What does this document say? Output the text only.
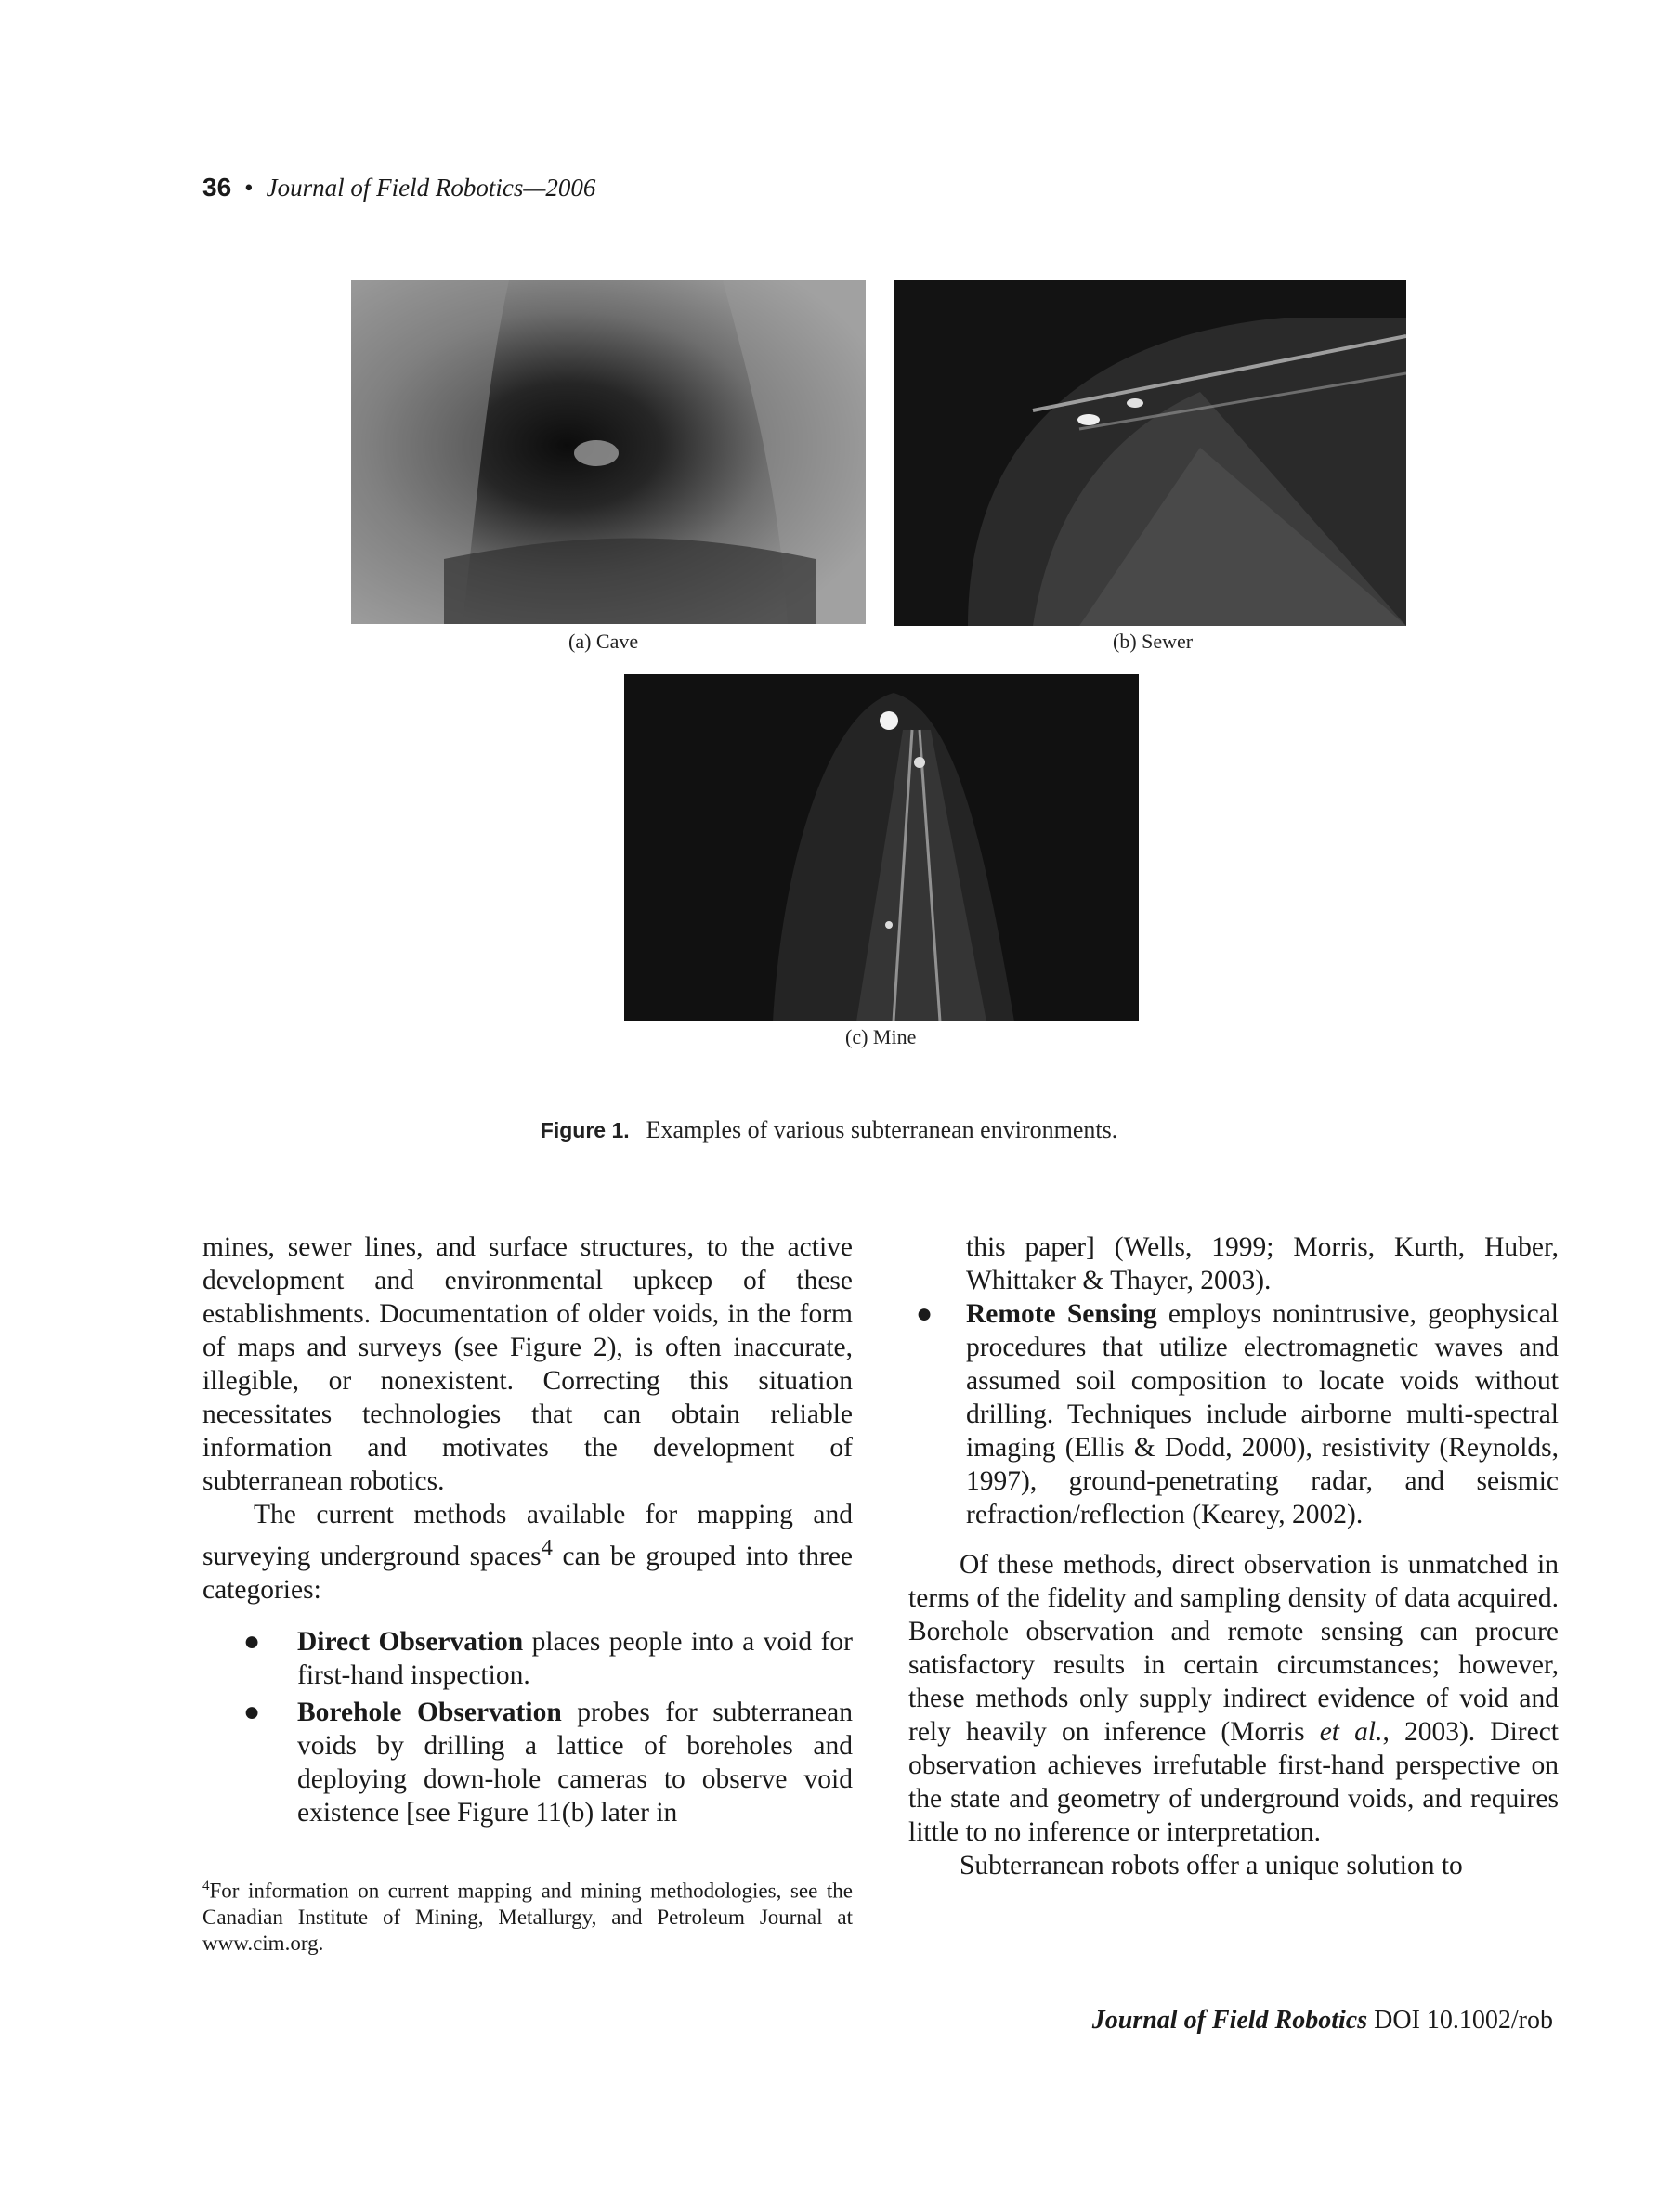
36 • Journal of Field Robotics—2006
(a) Cave	(b) Sewer
(c) Mine
Figure 1. Examples of various subterranean environments.

mines, sewer lines, and surface structures, to the active development and environmental upkeep of these establishments. Documentation of older voids, in the form of maps and surveys (see Figure 2), is often inaccurate, illegible, or nonexistent. Correcting this situation necessitates technologies that can obtain reliable information and motivates the development of subterranean robotics.

The current methods available for mapping and surveying underground spaces$^4$ can be grouped into three categories:

● Direct Observation places people into a void for first-hand inspection.
● Borehole Observation probes for subterranean voids by drilling a lattice of boreholes and deploying down-hole cameras to observe void existence [see Figure 11(b) later in
$^4$For information on current mapping and mining methodologies, see the Canadian Institute of Mining, Metallurgy, and Petroleum Journal at www.cim.org.
this paper] (Wells, 1999; Morris, Kurth, Huber, Whittaker & Thayer, 2003).
● Remote Sensing employs nonintrusive, geophysical procedures that utilize electromagnetic waves and assumed soil composition to locate voids without drilling. Techniques include airborne multi-spectral imaging (Ellis & Dodd, 2000), resistivity (Reynolds, 1997), ground-penetrating radar, and seismic refraction/reflection (Kearey, 2002).

Of these methods, direct observation is unmatched in terms of the fidelity and sampling density of data acquired. Borehole observation and remote sensing can procure satisfactory results in certain circumstances; however, these methods only supply indirect evidence of void and rely heavily on inference (Morris et al., 2003). Direct observation achieves irrefutable first-hand perspective on the state and geometry of underground voids, and requires little to no inference or interpretation.

Subterranean robots offer a unique solution to

Journal of Field Robotics DOI 10.1002/rob
